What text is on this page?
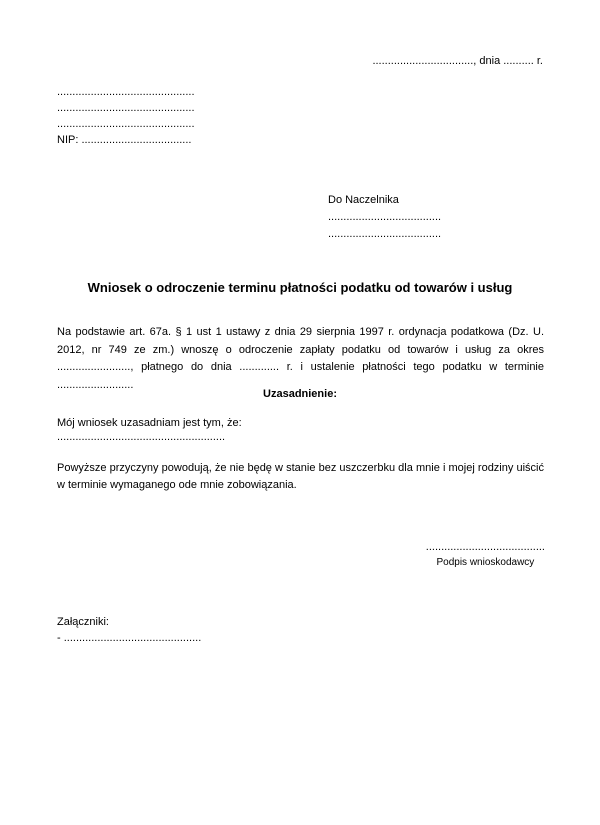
................................., dnia .......... r.
.............................................
.............................................
.............................................
NIP: ....................................
Do Naczelnika
.....................................
.....................................
Wniosek o odroczenie terminu płatności podatku od towarów i usług

Na podstawie art. 67a. § 1 ust 1 ustawy z dnia 29 sierpnia 1997 r. ordynacja podatkowa (Dz. U. 2012, nr 749 ze zm.) wnoszę o odroczenie zapłaty podatku od towarów i usług za okres ........................, płatnego do dnia ............. r. i ustalenie płatności tego podatku w terminie .........................

Uzasadnienie:
Mój wniosek uzasadniam jest tym, że:
.......................................................

Powyższe przyczyny powodują, że nie będę w stanie bez uszczerbku dla mnie i mojej rodziny uiścić w terminie wymaganego ode mnie zobowiązania.

.......................................
Podpis wnioskodawcy
Załączniki:
- .............................................
